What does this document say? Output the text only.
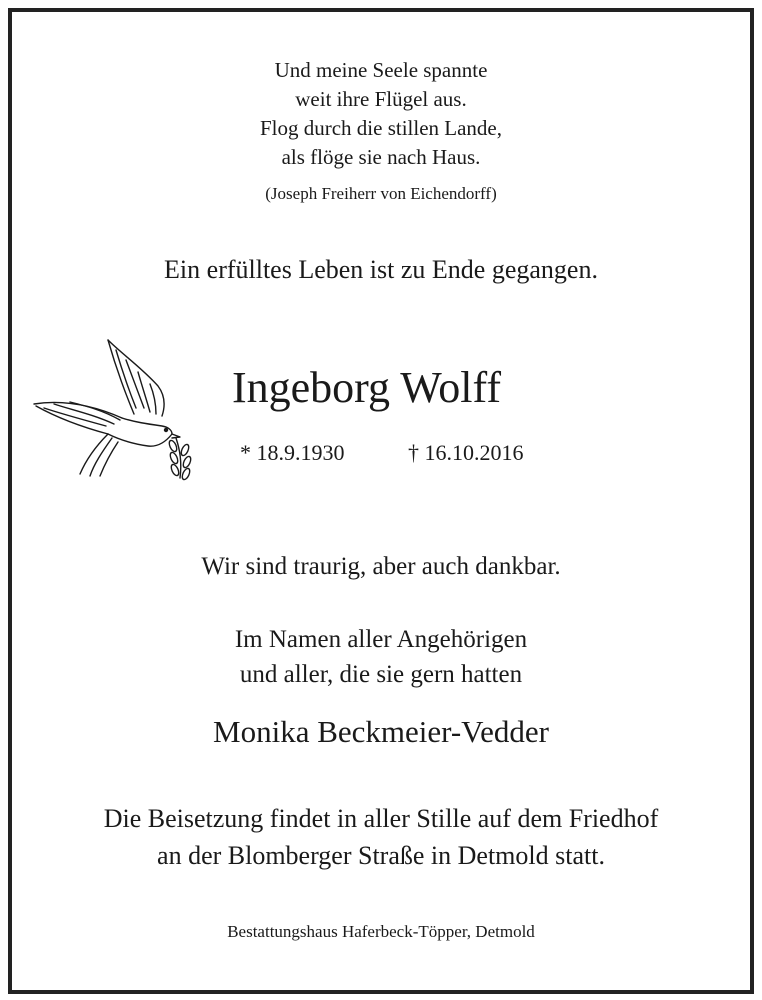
Und meine Seele spannte
weit ihre Flügel aus.
Flog durch die stillen Lande,
als flöge sie nach Haus.
(Joseph Freiherr von Eichendorff)
Ein erfülltes Leben ist zu Ende gegangen.
Ingeborg Wolff
* 18.9.1930	† 16.10.2016
Wir sind traurig, aber auch dankbar.
Im Namen aller Angehörigen
und aller, die sie gern hatten
Monika Beckmeier-Vedder
Die Beisetzung findet in aller Stille auf dem Friedhof
an der Blomberger Straße in Detmold statt.
Bestattungshaus Haferbeck-Töpper, Detmold
